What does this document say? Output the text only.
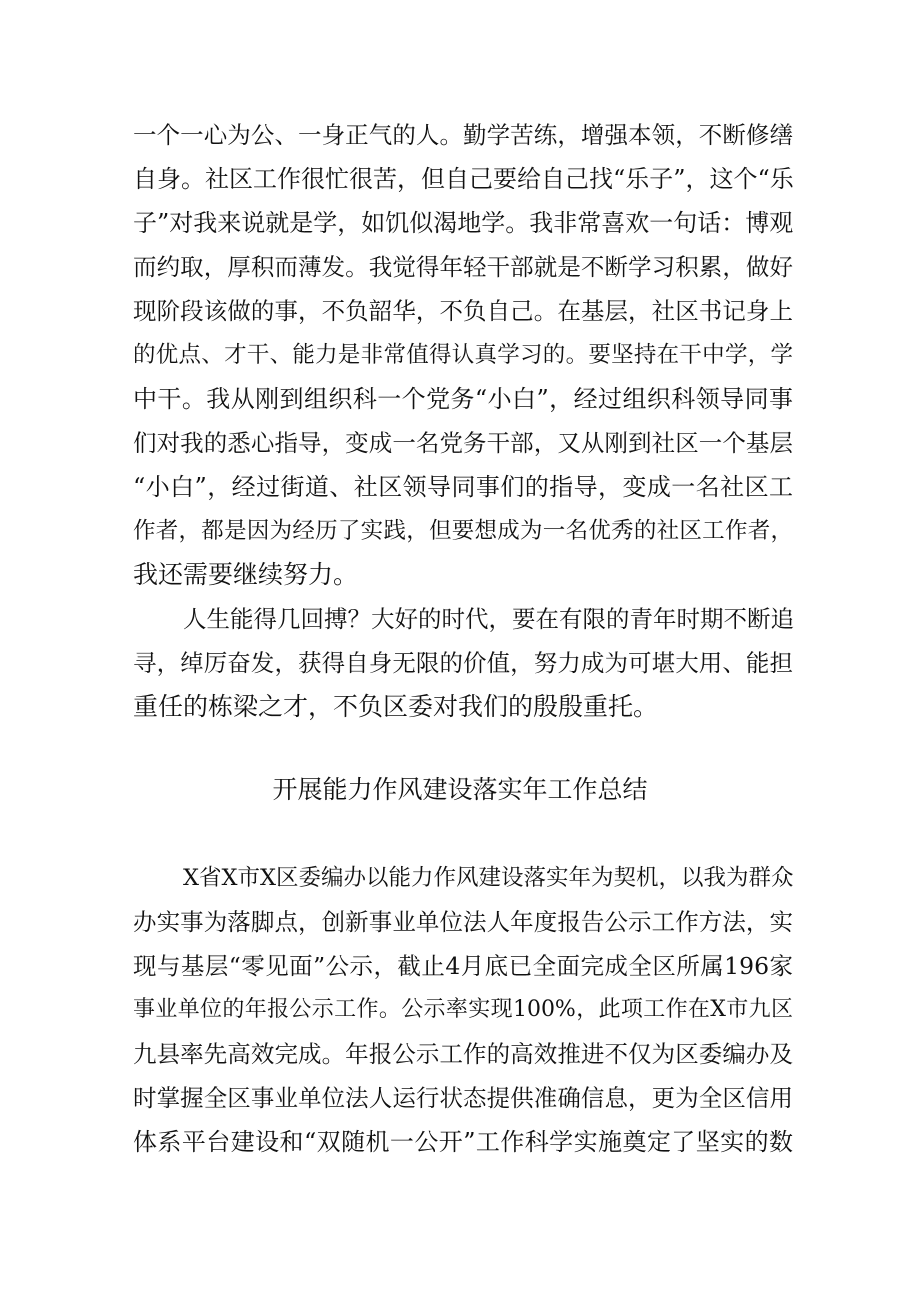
一个一心为公、一身正气的人。勤学苦练，增强本领，不断修缮
自身。社区工作很忙很苦，但自己要给自己找“乐子”，这个“乐
子”对我来说就是学，如饥似渴地学。我非常喜欢一句话：博观
而约取，厚积而薄发。我觉得年轻干部就是不断学习积累，做好
现阶段该做的事，不负韶华，不负自己。在基层，社区书记身上
的优点、才干、能力是非常值得认真学习的。要坚持在干中学，学
中干。我从刚到组织科一个党务“小白”，经过组织科领导同事
们对我的悉心指导，变成一名党务干部，又从刚到社区一个基层
“小白”，经过街道、社区领导同事们的指导，变成一名社区工
作者，都是因为经历了实践，但要想成为一名优秀的社区工作者，
我还需要继续努力。
人生能得几回搏？大好的时代，要在有限的青年时期不断追
寻，绰厉奋发，获得自身无限的价值，努力成为可堪大用、能担
重任的栋梁之才，不负区委对我们的殷殷重托。
开展能力作风建设落实年工作总结
X省X市X区委编办以能力作风建设落实年为契机，以我为群众
办实事为落脚点，创新事业单位法人年度报告公示工作方法，实
现与基层“零见面”公示，截止4月底已全面完成全区所属196家
事业单位的年报公示工作。公示率实现100%，此项工作在X市九区
九县率先高效完成。年报公示工作的高效推进不仅为区委编办及
时掌握全区事业单位法人运行状态提供准确信息，更为全区信用
体系平台建设和“双随机一公开”工作科学实施奠定了坚实的数
